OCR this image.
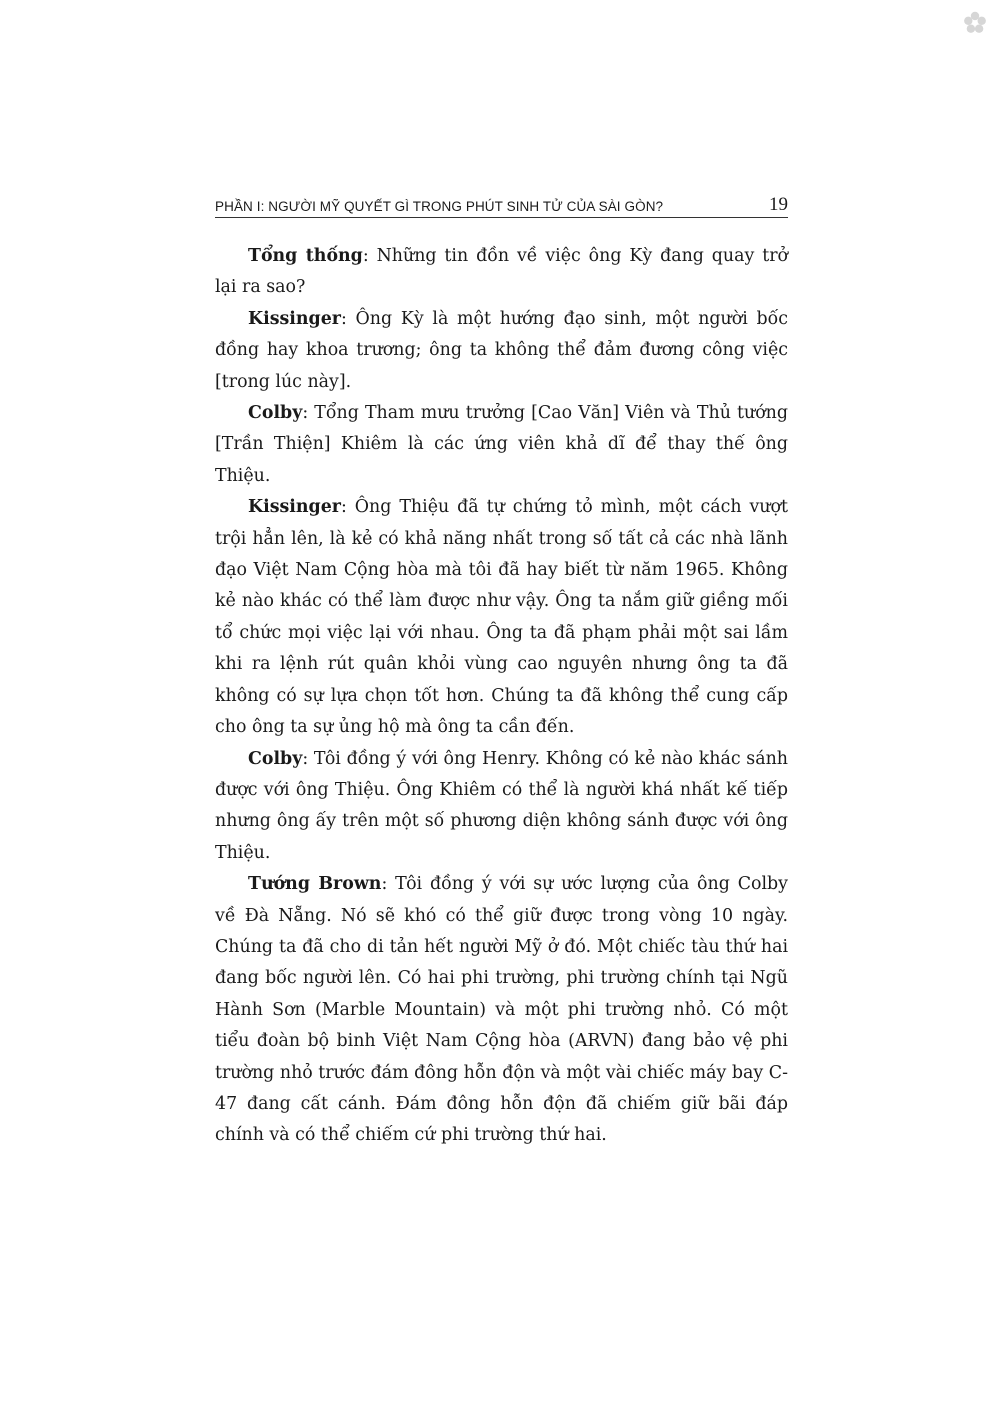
PHẦN I: NGƯỜI MỸ QUYẾT GÌ TRONG PHÚT SINH TỬ CỦA SÀI GÒN?	19

Tổng thống: Những tin đồn về việc ông Kỳ đang quay trở lại ra sao?

Kissinger: Ông Kỳ là một hướng đạo sinh, một người bốc đồng hay khoa trương; ông ta không thể đảm đương công việc [trong lúc này].

Colby: Tổng Tham mưu trưởng [Cao Văn] Viên và Thủ tướng [Trần Thiện] Khiêm là các ứng viên khả dĩ để thay thế ông Thiệu.

Kissinger: Ông Thiệu đã tự chứng tỏ mình, một cách vượt trội hẳn lên, là kẻ có khả năng nhất trong số tất cả các nhà lãnh đạo Việt Nam Cộng hòa mà tôi đã hay biết từ năm 1965. Không kẻ nào khác có thể làm được như vậy. Ông ta nắm giữ giềng mối tổ chức mọi việc lại với nhau. Ông ta đã phạm phải một sai lầm khi ra lệnh rút quân khỏi vùng cao nguyên nhưng ông ta đã không có sự lựa chọn tốt hơn. Chúng ta đã không thể cung cấp cho ông ta sự ủng hộ mà ông ta cần đến.

Colby: Tôi đồng ý với ông Henry. Không có kẻ nào khác sánh được với ông Thiệu. Ông Khiêm có thể là người khá nhất kế tiếp nhưng ông ấy trên một số phương diện không sánh được với ông Thiệu.

Tướng Brown: Tôi đồng ý với sự ước lượng của ông Colby về Đà Nẵng. Nó sẽ khó có thể giữ được trong vòng 10 ngày. Chúng ta đã cho di tản hết người Mỹ ở đó. Một chiếc tàu thứ hai đang bốc người lên. Có hai phi trường, phi trường chính tại Ngũ Hành Sơn (Marble Mountain) và một phi trường nhỏ. Có một tiểu đoàn bộ binh Việt Nam Cộng hòa (ARVN) đang bảo vệ phi trường nhỏ trước đám đông hỗn độn và một vài chiếc máy bay C-47 đang cất cánh. Đám đông hỗn độn đã chiếm giữ bãi đáp chính và có thể chiếm cứ phi trường thứ hai.
